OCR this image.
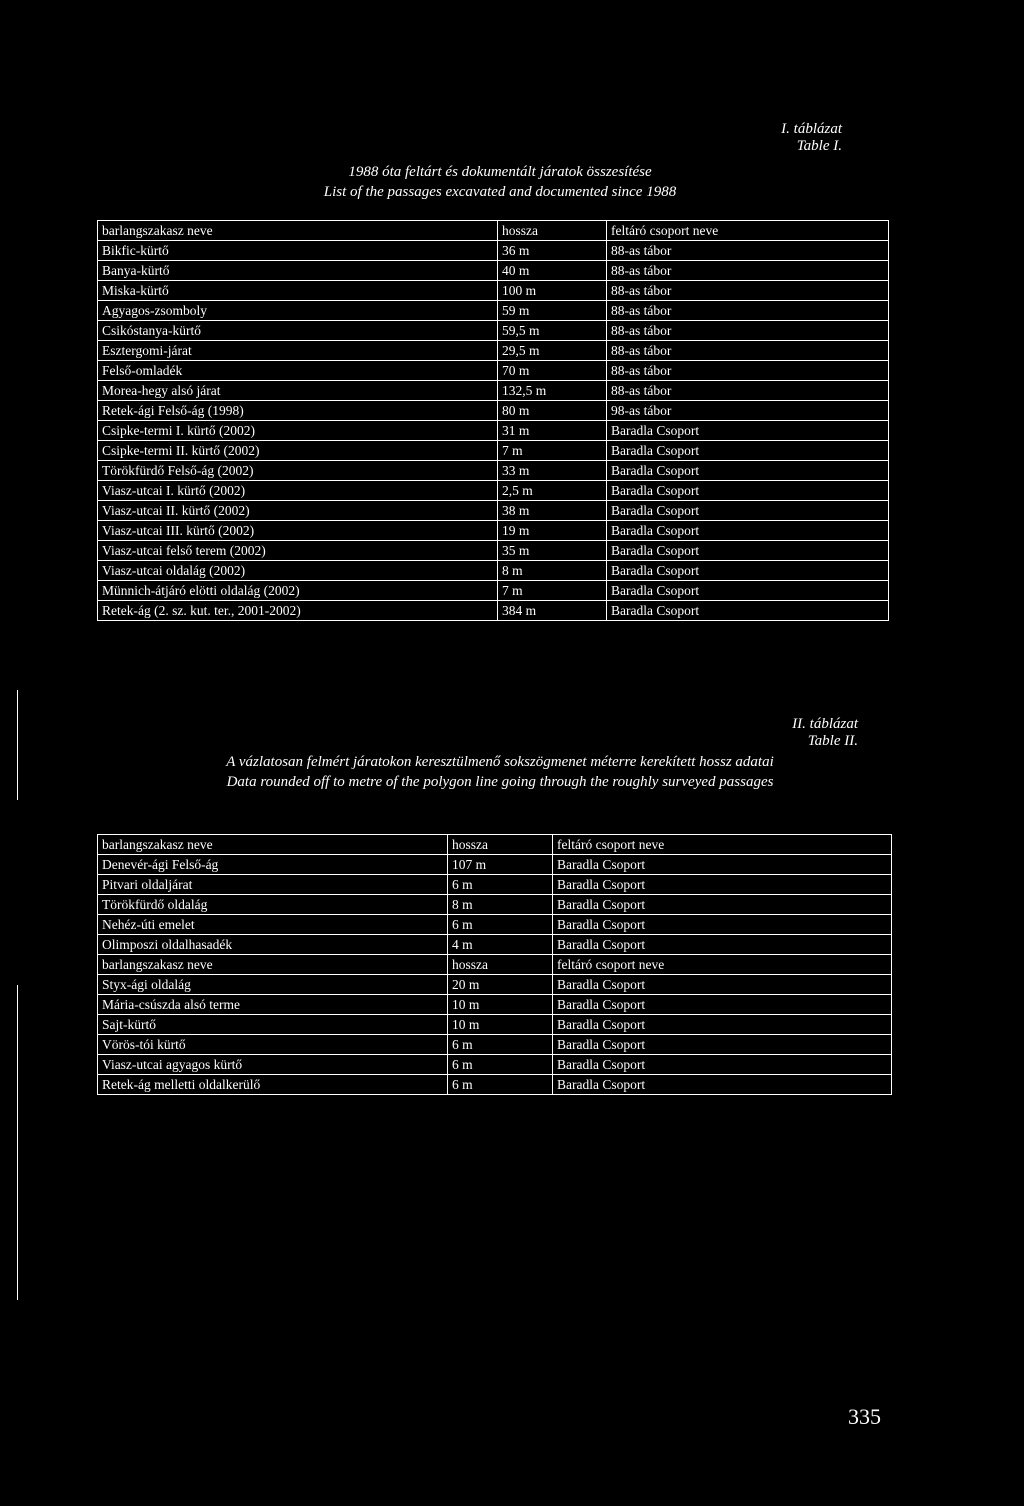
I. táblázat
Table I.
1988 óta feltárt és dokumentált járatok összesítése
List of the passages excavated and documented since 1988
barlangszakasz neve	hossza	feltáró csoport neve
Bikfic-kürtő	36 m	88-as tábor
Banya-kürtő	40 m	88-as tábor
Miska-kürtő	100 m	88-as tábor
Agyagos-zsomboly	59 m	88-as tábor
Csikóstanya-kürtő	59,5 m	88-as tábor
Esztergomi-járat	29,5 m	88-as tábor
Felső-omladék	70 m	88-as tábor
Morea-hegy alsó járat	132,5 m	88-as tábor
Retek-ági Felső-ág (1998)	80 m	98-as tábor
Csipke-termi I. kürtő (2002)	31 m	Baradla Csoport
Csipke-termi II. kürtő (2002)	7 m	Baradla Csoport
Törökfürdő Felső-ág (2002)	33 m	Baradla Csoport
Viasz-utcai I. kürtő (2002)	2,5 m	Baradla Csoport
Viasz-utcai II. kürtő (2002)	38 m	Baradla Csoport
Viasz-utcai III. kürtő (2002)	19 m	Baradla Csoport
Viasz-utcai felső terem (2002)	35 m	Baradla Csoport
Viasz-utcai oldalág (2002)	8 m	Baradla Csoport
Münnich-átjáró elötti oldalág (2002)	7 m	Baradla Csoport
Retek-ág (2. sz. kut. ter., 2001-2002)	384 m	Baradla Csoport
II. táblázat
Table II.
A vázlatosan felmért járatokon keresztülmenő sokszögmenet méterre kerekített hossz adatai
Data rounded off to metre of the polygon line going through the roughly surveyed passages
barlangszakasz neve	hossza	feltáró csoport neve
Denevér-ági Felső-ág	107 m	Baradla Csoport
Pitvari oldaljárat	6 m	Baradla Csoport
Törökfürdő oldalág	8 m	Baradla Csoport
Nehéz-úti emelet	6 m	Baradla Csoport
Olimposzi oldalhasadék	4 m	Baradla Csoport
barlangszakasz neve	hossza	feltáró csoport neve
Styx-ági oldalág	20 m	Baradla Csoport
Mária-csúszda alsó terme	10 m	Baradla Csoport
Sajt-kürtő	10 m	Baradla Csoport
Vörös-tói kürtő	6 m	Baradla Csoport
Viasz-utcai agyagos kürtő	6 m	Baradla Csoport
Retek-ág melletti oldalkerülő	6 m	Baradla Csoport
335
